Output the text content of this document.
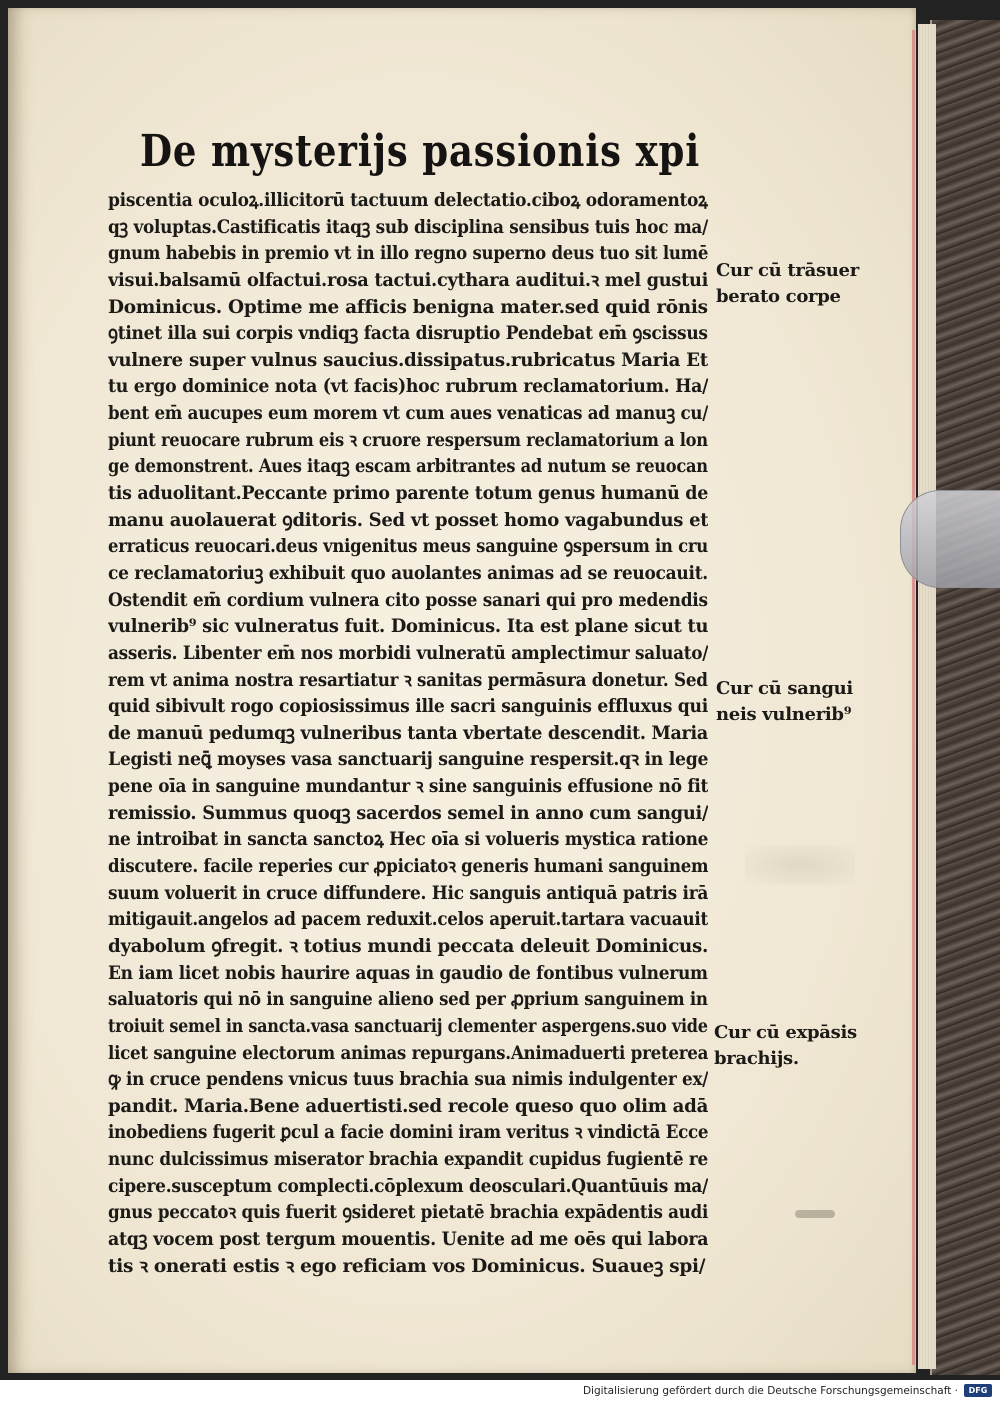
De mysterijs passionis xpi
piscentia oculoꝝ.illicitorū tactuum delectatio.ciboꝝ odoramentoꝝ
qꝫ voluptas.Castificatis itaqꝫ sub disciplina sensibus tuis hoc ma/
gnum habebis in premio vt in illo regno superno deus tuo sit lumē
visui.balsamū olfactui.rosa tactui.cythara auditui.ꝛ mel gustui
Dominicus. Optime me afficis benigna mater.sed quid rōnis
ꝯtinet illa sui corpis vndiqꝫ facta disruptio Pendebat em̄ ꝯscissus
vulnere super vulnus saucius.dissipatus.rubricatus Maria Et
tu ergo dominice nota (vt facis)hoc rubrum reclamatorium. Ha/
bent em̄ aucupes eum morem vt cum aues venaticas ad manuꝫ cu/
piunt reuocare rubrum eis ꝛ cruore respersum reclamatorium a lon
ge demonstrent. Aues itaqꝫ escam arbitrantes ad nutum se reuocan
tis aduolitant.Peccante primo parente totum genus humanū de
manu auolauerat ꝯditoris. Sed vt posset homo vagabundus et
erraticus reuocari.deus vnigenitus meus sanguine ꝯspersum in cru
ce reclamatoriuꝫ exhibuit quo auolantes animas ad se reuocauit.
Ostendit em̄ cordium vulnera cito posse sanari qui pro medendis
vulnerib⁹ sic vulneratus fuit. Dominicus. Ita est plane sicut tu
asseris. Libenter em̄ nos morbidi vulneratū amplectimur saluato/
rem vt anima nostra resartiatur ꝛ sanitas permāsura donetur. Sed
quid sibivult rogo copiosissimus ille sacri sanguinis effluxus qui
de manuū pedumqꝫ vulneribus tanta vbertate descendit. Maria
Legisti neꝗ̄ moyses vasa sanctuarij sanguine respersit.qꝛ in lege
pene oīa in sanguine mundantur ꝛ sine sanguinis effusione nō fit
remissio. Summus quoqꝫ sacerdos semel in anno cum sangui/
ne introibat in sancta sanctoꝝ Hec oīa si volueris mystica ratione
discutere. facile reperies cur ꝓpiciatoꝛ generis humani sanguinem
suum voluerit in cruce diffundere. Hic sanguis antiquā patris irā
mitigauit.angelos ad pacem reduxit.celos aperuit.tartara vacuauit
dyabolum ꝯfregit. ꝛ totius mundi peccata deleuit Dominicus.
En iam licet nobis haurire aquas in gaudio de fontibus vulnerum
saluatoris qui nō in sanguine alieno sed per ꝓprium sanguinem in
troiuit semel in sancta.vasa sanctuarij clementer aspergens.suo vide
licet sanguine electorum animas repurgans.Animaduerti preterea
ꝙ in cruce pendens vnicus tuus brachia sua nimis indulgenter ex/
pandit. Maria.Bene aduertisti.sed recole queso quo olim adā
inobediens fugerit ꝑcul a facie domini iram veritus ꝛ vindictā Ecce
nunc dulcissimus miserator brachia expandit cupidus fugientē re
cipere.susceptum complecti.cōplexum deosculari.Quantūuis ma/
gnus peccatoꝛ quis fuerit ꝯsideret pietatē brachia expādentis audi
atqꝫ vocem post tergum mouentis. Uenite ad me oēs qui labora
tis ꝛ onerati estis ꝛ ego reficiam vos Dominicus. Suaueꝫ spi/
Cur cū trāsuer
berato corpe
Cur cū sangui
neis vulnerib⁹
Cur cū expāsis
brachijs.
Digitalisierung gefördert durch die Deutsche Forschungsgemeinschaft ·	DFG
